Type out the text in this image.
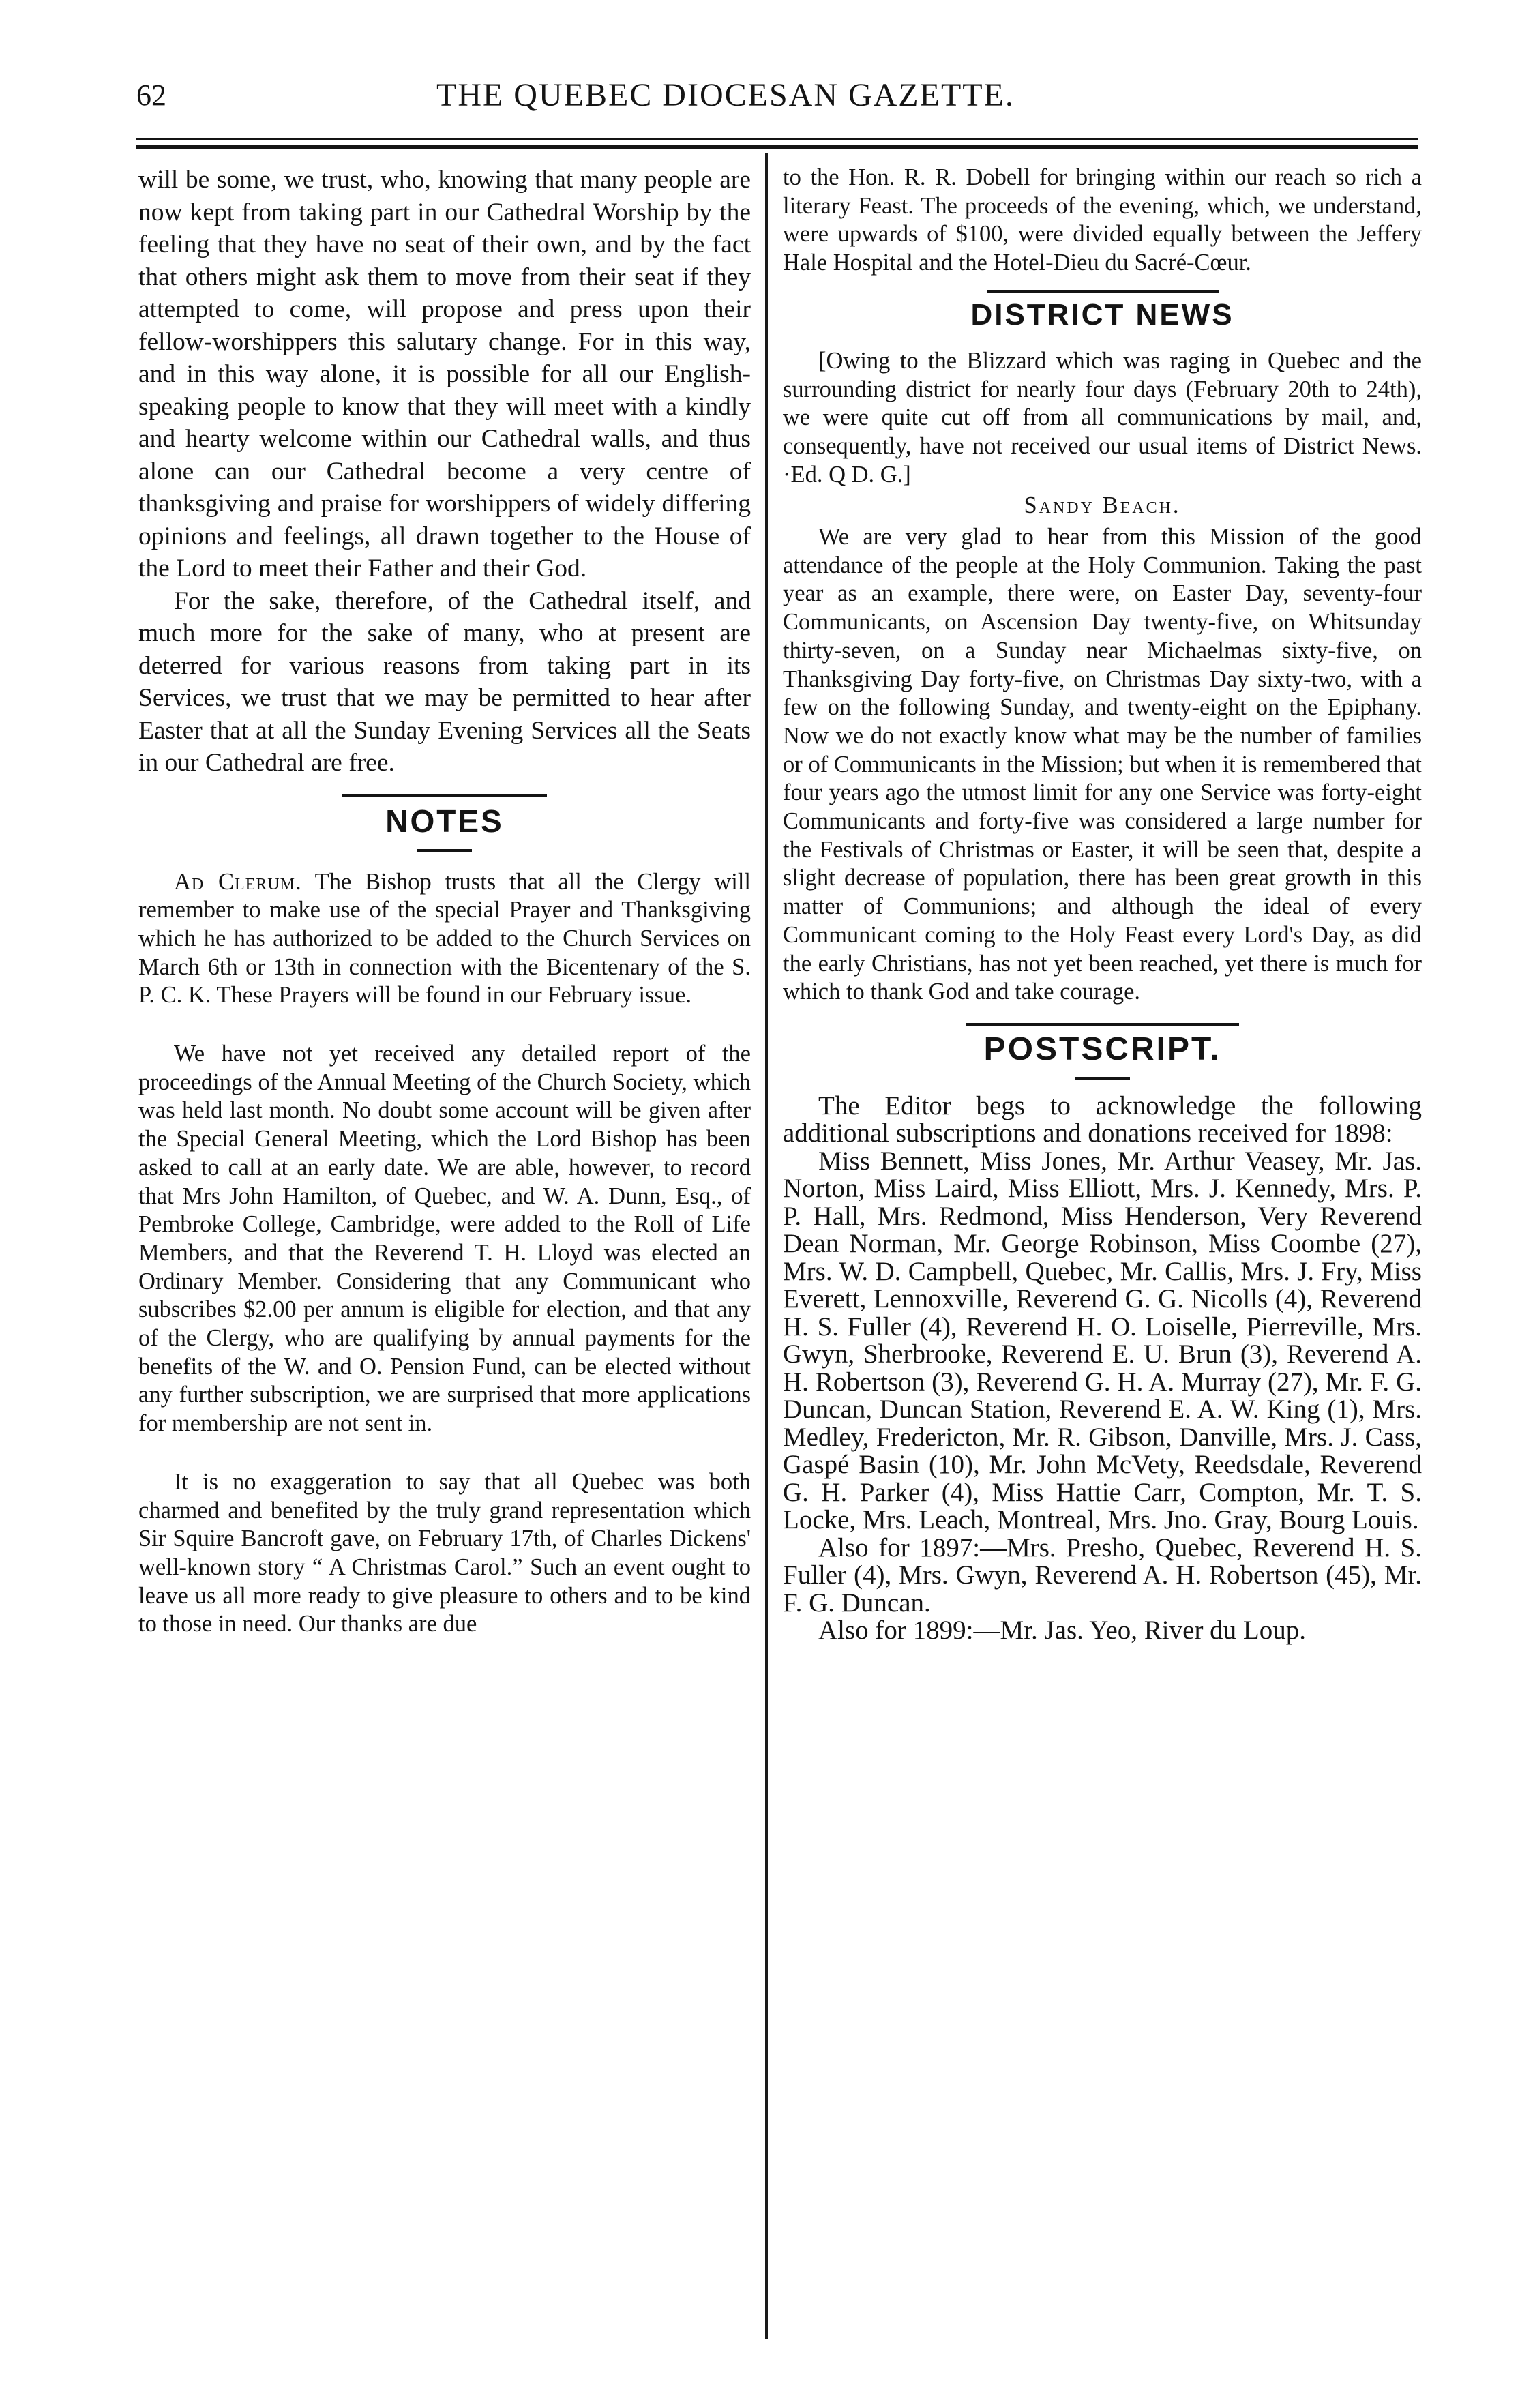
62	THE QUEBEC DIOCESAN GAZETTE.

will be some, we trust, who, knowing that many people are now kept from taking part in our Cathedral Worship by the feeling that they have no seat of their own, and by the fact that others might ask them to move from their seat if they attempted to come, will propose and press upon their fellow-worshippers this salutary change. For in this way, and in this way alone, it is possible for all our English-speaking people to know that they will meet with a kindly and hearty welcome within our Cathedral walls, and thus alone can our Cathedral become a very centre of thanksgiving and praise for worshippers of widely differing opinions and feelings, all drawn together to the House of the Lord to meet their Father and their God.

For the sake, therefore, of the Cathedral itself, and much more for the sake of many, who at present are deterred for various reasons from taking part in its Services, we trust that we may be permitted to hear after Easter that at all the Sunday Evening Services all the Seats in our Cathedral are free.

NOTES

Ad Clerum. The Bishop trusts that all the Clergy will remember to make use of the special Prayer and Thanksgiving which he has authorized to be added to the Church Services on March 6th or 13th in connection with the Bicentenary of the S. P. C. K. These Prayers will be found in our February issue.

We have not yet received any detailed report of the proceedings of the Annual Meeting of the Church Society, which was held last month. No doubt some account will be given after the Special General Meeting, which the Lord Bishop has been asked to call at an early date. We are able, however, to record that Mrs John Hamilton, of Quebec, and W. A. Dunn, Esq., of Pembroke College, Cambridge, were added to the Roll of Life Members, and that the Reverend T. H. Lloyd was elected an Ordinary Member. Considering that any Communicant who subscribes $2.00 per annum is eligible for election, and that any of the Clergy, who are qualifying by annual payments for the benefits of the W. and O. Pension Fund, can be elected without any further subscription, we are surprised that more applications for membership are not sent in.

It is no exaggeration to say that all Quebec was both charmed and benefited by the truly grand representation which Sir Squire Bancroft gave, on February 17th, of Charles Dickens' well-known story “ A Christmas Carol.” Such an event ought to leave us all more ready to give pleasure to others and to be kind to those in need. Our thanks are due

to the Hon. R. R. Dobell for bringing within our reach so rich a literary Feast. The proceeds of the evening, which, we understand, were upwards of $100, were divided equally between the Jeffery Hale Hospital and the Hotel-Dieu du Sacré-Cœur.

DISTRICT NEWS

[Owing to the Blizzard which was raging in Quebec and the surrounding district for nearly four days (February 20th to 24th), we were quite cut off from all communications by mail, and, consequently, have not received our usual items of District News. ·Ed. Q D. G.]

Sandy Beach.

We are very glad to hear from this Mission of the good attendance of the people at the Holy Communion. Taking the past year as an example, there were, on Easter Day, seventy-four Communicants, on Ascension Day twenty-five, on Whitsunday thirty-seven, on a Sunday near Michaelmas sixty-five, on Thanksgiving Day forty-five, on Christmas Day sixty-two, with a few on the following Sunday, and twenty-eight on the Epiphany. Now we do not exactly know what may be the number of families or of Communicants in the Mission; but when it is remembered that four years ago the utmost limit for any one Service was forty-eight Communicants and forty-five was considered a large number for the Festivals of Christmas or Easter, it will be seen that, despite a slight decrease of population, there has been great growth in this matter of Communions; and although the ideal of every Communicant coming to the Holy Feast every Lord's Day, as did the early Christians, has not yet been reached, yet there is much for which to thank God and take courage.

POSTSCRIPT.

The Editor begs to acknowledge the following additional subscriptions and donations received for 1898:

Miss Bennett, Miss Jones, Mr. Arthur Veasey, Mr. Jas. Norton, Miss Laird, Miss Elliott, Mrs. J. Kennedy, Mrs. P. P. Hall, Mrs. Redmond, Miss Henderson, Very Reverend Dean Norman, Mr. George Robinson, Miss Coombe (27), Mrs. W. D. Campbell, Quebec, Mr. Callis, Mrs. J. Fry, Miss Everett, Lennoxville, Reverend G. G. Nicolls (4), Reverend H. S. Fuller (4), Reverend H. O. Loiselle, Pierreville, Mrs. Gwyn, Sherbrooke, Reverend E. U. Brun (3), Reverend A. H. Robertson (3), Reverend G. H. A. Murray (27), Mr. F. G. Duncan, Duncan Station, Reverend E. A. W. King (1), Mrs. Medley, Fredericton, Mr. R. Gibson, Danville, Mrs. J. Cass, Gaspé Basin (10), Mr. John McVety, Reedsdale, Reverend G. H. Parker (4), Miss Hattie Carr, Compton, Mr. T. S. Locke, Mrs. Leach, Montreal, Mrs. Jno. Gray, Bourg Louis.

Also for 1897:—Mrs. Presho, Quebec, Reverend H. S. Fuller (4), Mrs. Gwyn, Reverend A. H. Robertson (45), Mr. F. G. Duncan.

Also for 1899:—Mr. Jas. Yeo, River du Loup.
